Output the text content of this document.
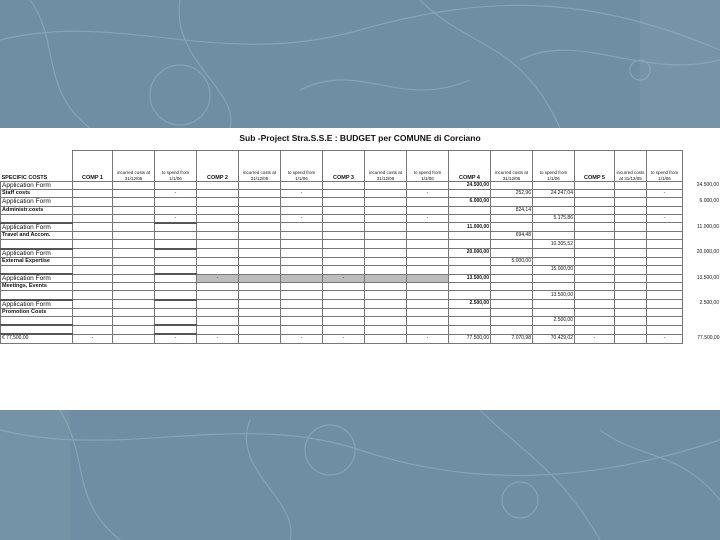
Sub -Project Stra.S.S.E : BUDGET per COMUNE di Corciano
SPECIFIC COSTS	COMP 1	incurred costs at 31/12/05	to spend from 1/1/06	COMP 2	incurred costs at 31/12/05	to spend from 1/1/06	COMP 3	incurred costs at 31/12/05	to spend from 1/1/06	COMP 4	incurred costs at 31/12/05	to spend from 1/1/06	COMP 5	incurred costs at 31/12/05	to spend from 1/1/06	
Application Form										24.500,00						24.500,00
Staff costs			-			-			-		252,96	24.247,04			-	
Application Form										6.000,00						6.000,00
Administr.costs											824,14					
			-			-			-			5.175,86			-	
Application Form										11.000,00						11.000,00
Travel and Accom.											694,48					
												10.305,52				
Application Form										20.000,00						20.000,00
External Expertise											5.000,00					
												15.000,00				
Application Form				-			-			13.500,00						13.500,00
Meetings, Events																
												13.500,00				
Application Form										2.500,00						2.500,00
Promotion Costs																
												2.500,00				

€ 77.500,00	-		-	-		-	-		-	77.500,00	7.070,98	70.429,02	-		-	77.500,00
